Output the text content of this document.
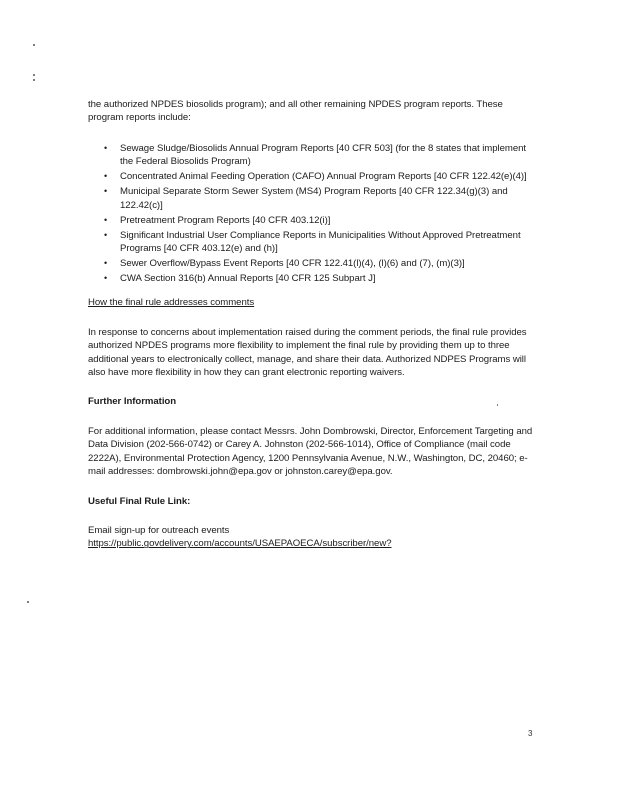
the authorized NPDES biosolids program); and all other remaining NPDES program reports. These program reports include:

• Sewage Sludge/Biosolids Annual Program Reports [40 CFR 503] (for the 8 states that implement the Federal Biosolids Program)
• Concentrated Animal Feeding Operation (CAFO) Annual Program Reports [40 CFR 122.42(e)(4)]
• Municipal Separate Storm Sewer System (MS4) Program Reports [40 CFR 122.34(g)(3) and 122.42(c)]
• Pretreatment Program Reports [40 CFR 403.12(i)]
• Significant Industrial User Compliance Reports in Municipalities Without Approved Pretreatment Programs [40 CFR 403.12(e) and (h)]
• Sewer Overflow/Bypass Event Reports [40 CFR 122.41(l)(4), (l)(6) and (7), (m)(3)]
• CWA Section 316(b) Annual Reports [40 CFR 125 Subpart J]

How the final rule addresses comments

In response to concerns about implementation raised during the comment periods, the final rule provides authorized NPDES programs more flexibility to implement the final rule by providing them up to three additional years to electronically collect, manage, and share their data. Authorized NDPES Programs will also have more flexibility in how they can grant electronic reporting waivers.

Further Information

For additional information, please contact Messrs. John Dombrowski, Director, Enforcement Targeting and Data Division (202-566-0742) or Carey A. Johnston (202-566-1014), Office of Compliance (mail code 2222A), Environmental Protection Agency, 1200 Pennsylvania Avenue, N.W., Washington, DC, 20460; e-mail addresses: dombrowski.john@epa.gov or johnston.carey@epa.gov.

Useful Final Rule Link:

Email sign-up for outreach events

https://public.govdelivery.com/accounts/USAEPAOECA/subscriber/new?

3
